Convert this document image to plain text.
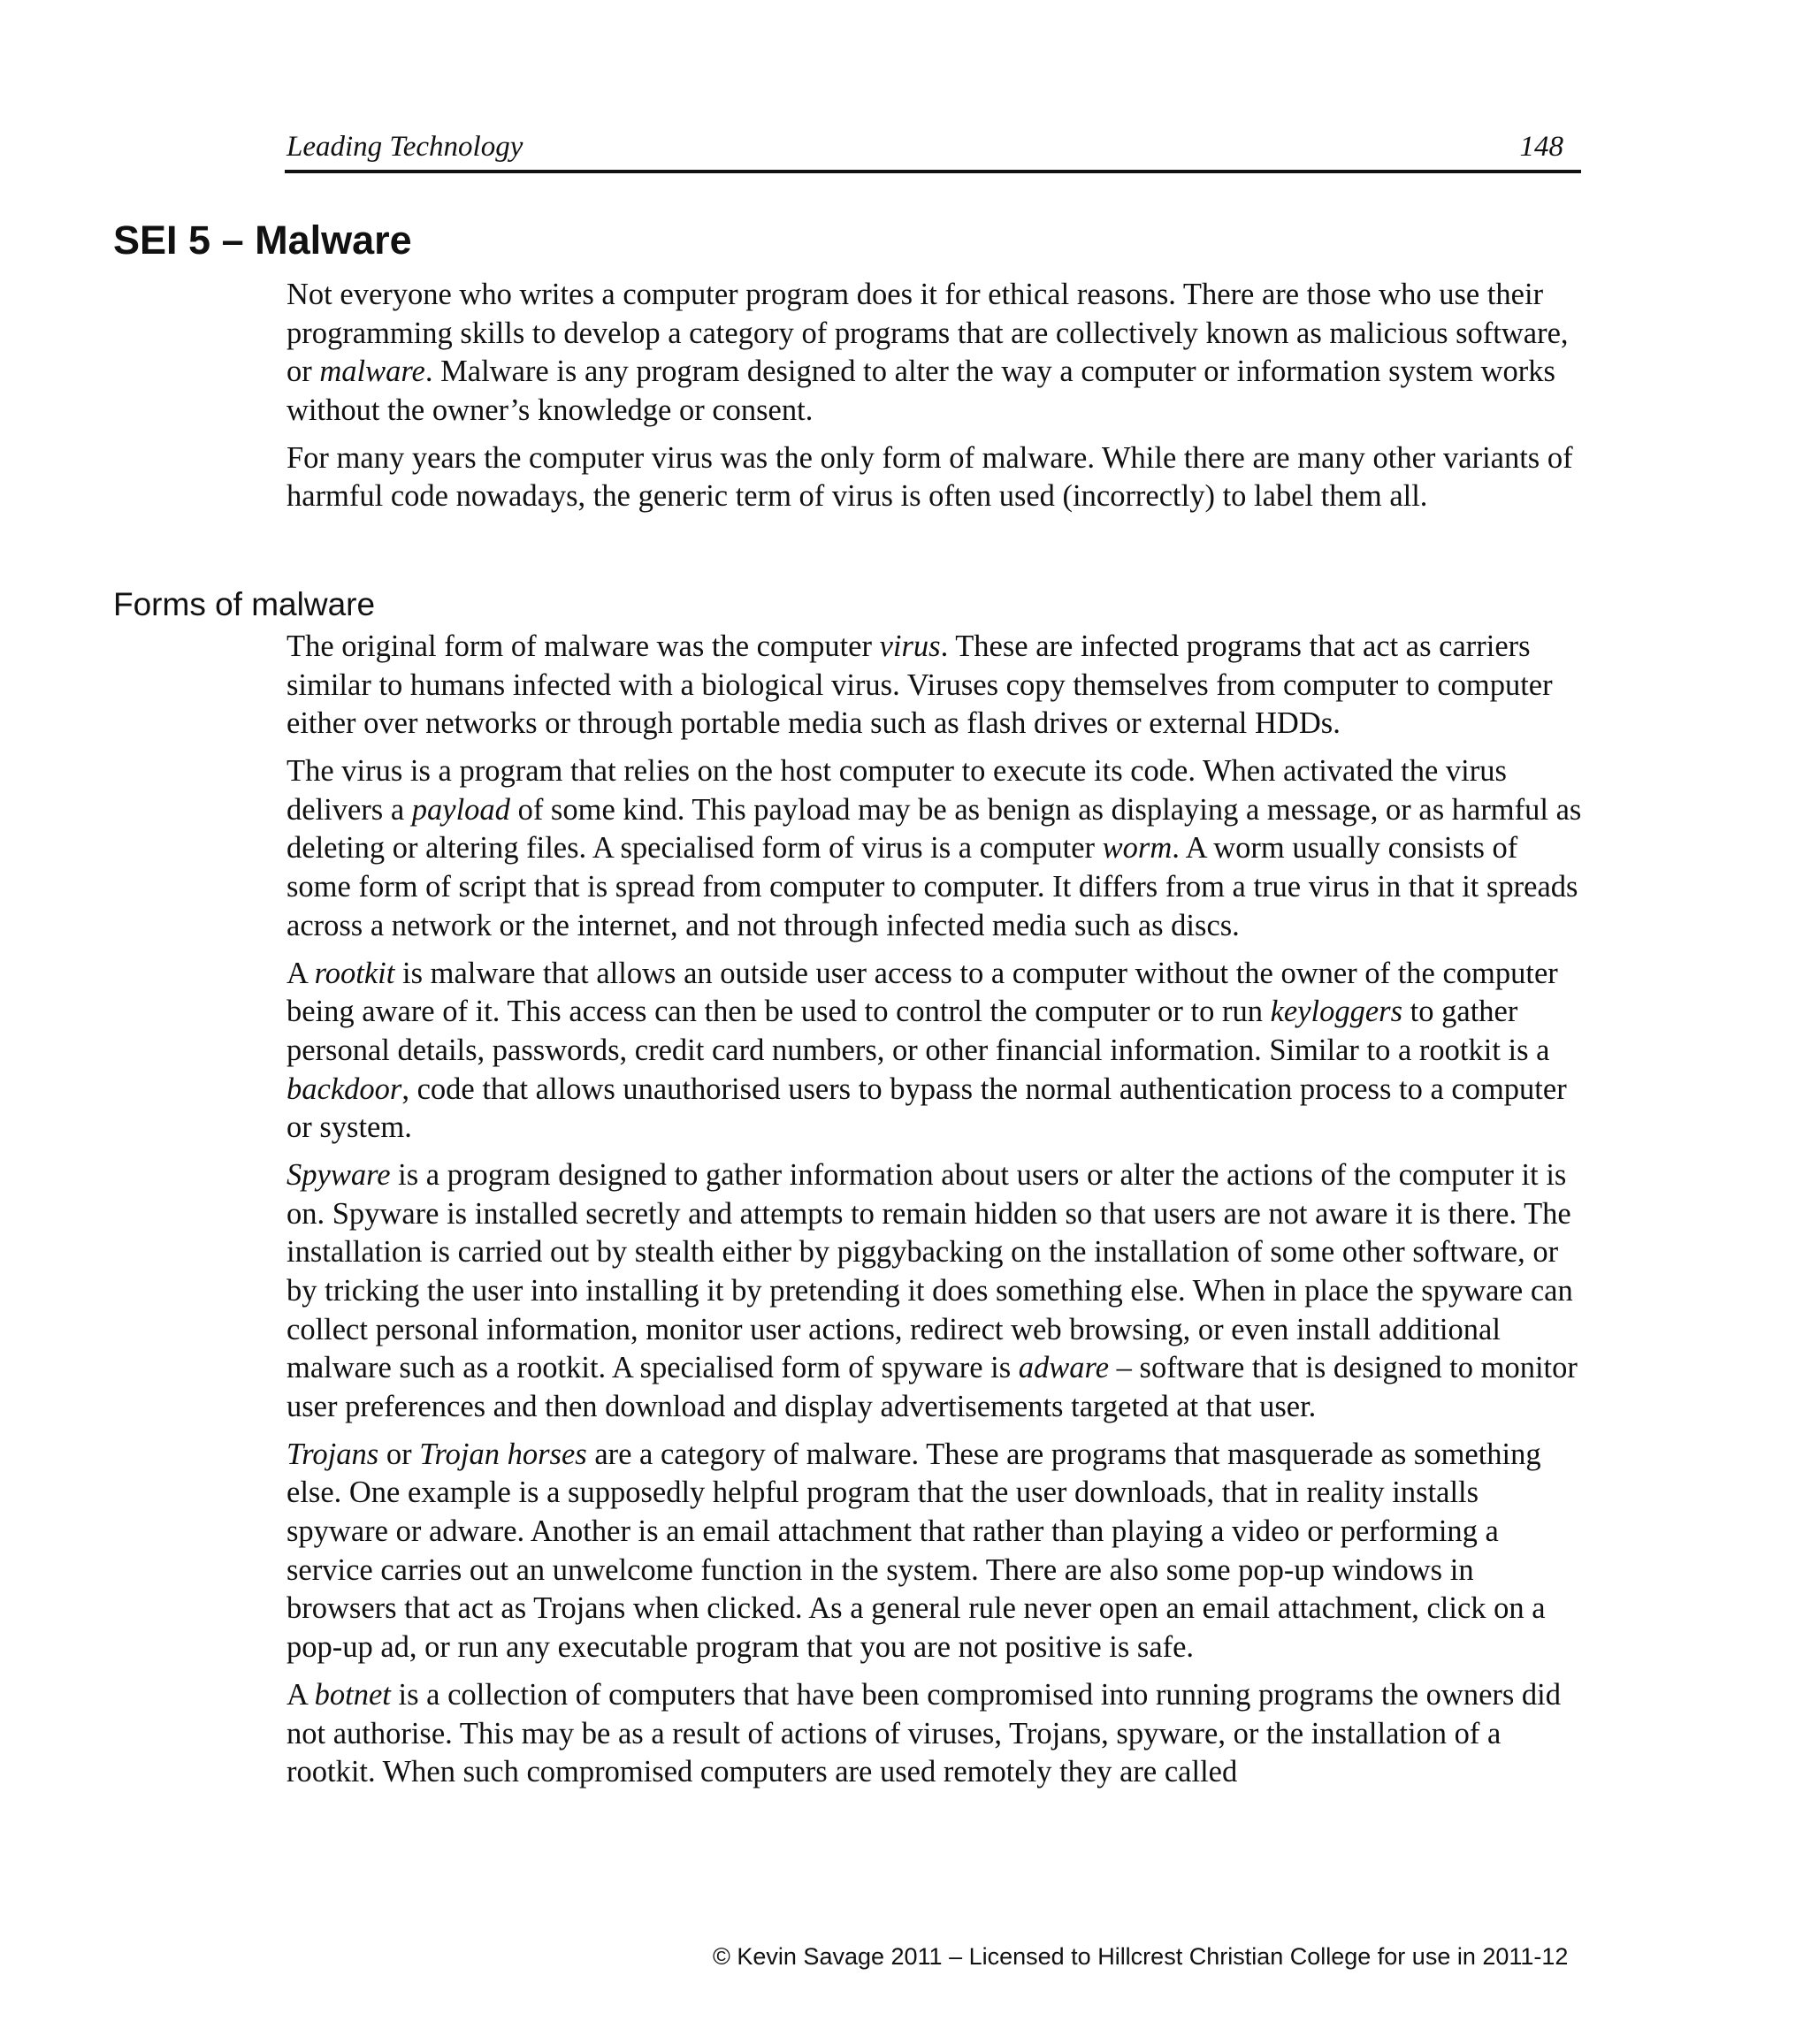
Leading Technology	148
SEI 5 – Malware

Not everyone who writes a computer program does it for ethical reasons. There are those who use their programming skills to develop a category of programs that are collectively known as malicious software, or malware. Malware is any program designed to alter the way a computer or information system works without the owner’s knowledge or consent.

For many years the computer virus was the only form of malware. While there are many other variants of harmful code nowadays, the generic term of virus is often used (incorrectly) to label them all.

Forms of malware

The original form of malware was the computer virus. These are infected programs that act as carriers similar to humans infected with a biological virus. Viruses copy themselves from computer to computer either over networks or through portable media such as flash drives or external HDDs.

The virus is a program that relies on the host computer to execute its code. When activated the virus delivers a payload of some kind. This payload may be as benign as displaying a message, or as harmful as deleting or altering files. A specialised form of virus is a computer worm. A worm usually consists of some form of script that is spread from computer to computer. It differs from a true virus in that it spreads across a network or the internet, and not through infected media such as discs.

A rootkit is malware that allows an outside user access to a computer without the owner of the computer being aware of it. This access can then be used to control the computer or to run keyloggers to gather personal details, passwords, credit card numbers, or other financial information. Similar to a rootkit is a backdoor, code that allows unauthorised users to bypass the normal authentication process to a computer or system.

Spyware is a program designed to gather information about users or alter the actions of the computer it is on. Spyware is installed secretly and attempts to remain hidden so that users are not aware it is there. The installation is carried out by stealth either by piggybacking on the installation of some other software, or by tricking the user into installing it by pretending it does something else. When in place the spyware can collect personal information, monitor user actions, redirect web browsing, or even install additional malware such as a rootkit. A specialised form of spyware is adware – software that is designed to monitor user preferences and then download and display advertisements targeted at that user.

Trojans or Trojan horses are a category of malware. These are programs that masquerade as something else. One example is a supposedly helpful program that the user downloads, that in reality installs spyware or adware. Another is an email attachment that rather than playing a video or performing a service carries out an unwelcome function in the system. There are also some pop-up windows in browsers that act as Trojans when clicked. As a general rule never open an email attachment, click on a pop-up ad, or run any executable program that you are not positive is safe.

A botnet is a collection of computers that have been compromised into running programs the owners did not authorise. This may be as a result of actions of viruses, Trojans, spyware, or the installation of a rootkit. When such compromised computers are used remotely they are called

© Kevin Savage 2011 – Licensed to Hillcrest Christian College for use in 2011-12
